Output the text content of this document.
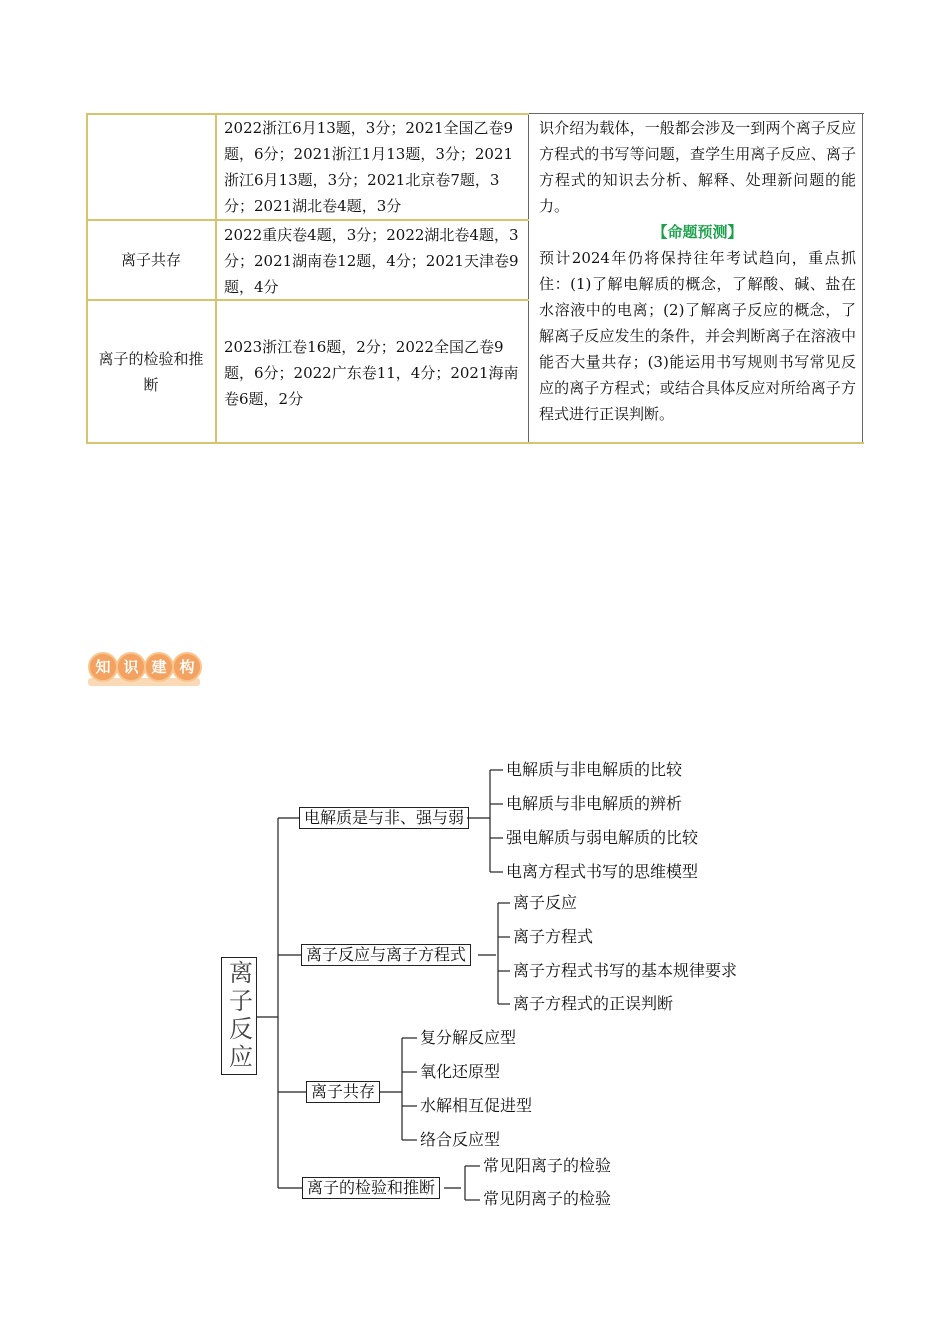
2022浙江6月13题，3分；2021全国乙卷9题，6分；2021浙江1月13题，3分；2021浙江6月13题，3分；2021北京卷7题，3分；2021湖北卷4题，3分
离子共存
2022重庆卷4题，3分；2022湖北卷4题，3分；2021湖南卷12题，4分；2021天津卷9题，4分
离子的检验和推断
2023浙江卷16题，2分；2022全国乙卷9题，6分；2022广东卷11，4分；2021海南卷6题，2分
识介绍为载体，一般都会涉及一到两个离子反应方程式的书写等问题，查学生用离子反应、离子方程式的知识去分析、解释、处理新问题的能力。
【命题预测】
预计2024年仍将保持往年考试趋向，重点抓住：(1)了解电解质的概念，了解酸、碱、盐在水溶液中的电离；(2)了解离子反应的概念，了解离子反应发生的条件，并会判断离子在溶液中能否大量共存；(3)能运用书写规则书写常见反应的离子方程式；或结合具体反应对所给离子方程式进行正误判断。
知 识 建 构
离子反应
电解质是与非、强与弱
离子反应与离子方程式
离子共存
离子的检验和推断
电解质与非电解质的比较
电解质与非电解质的辨析
强电解质与弱电解质的比较
电离方程式书写的思维模型
离子反应
离子方程式
离子方程式书写的基本规律要求
离子方程式的正误判断
复分解反应型
氧化还原型
水解相互促进型
络合反应型
常见阳离子的检验
常见阴离子的检验
